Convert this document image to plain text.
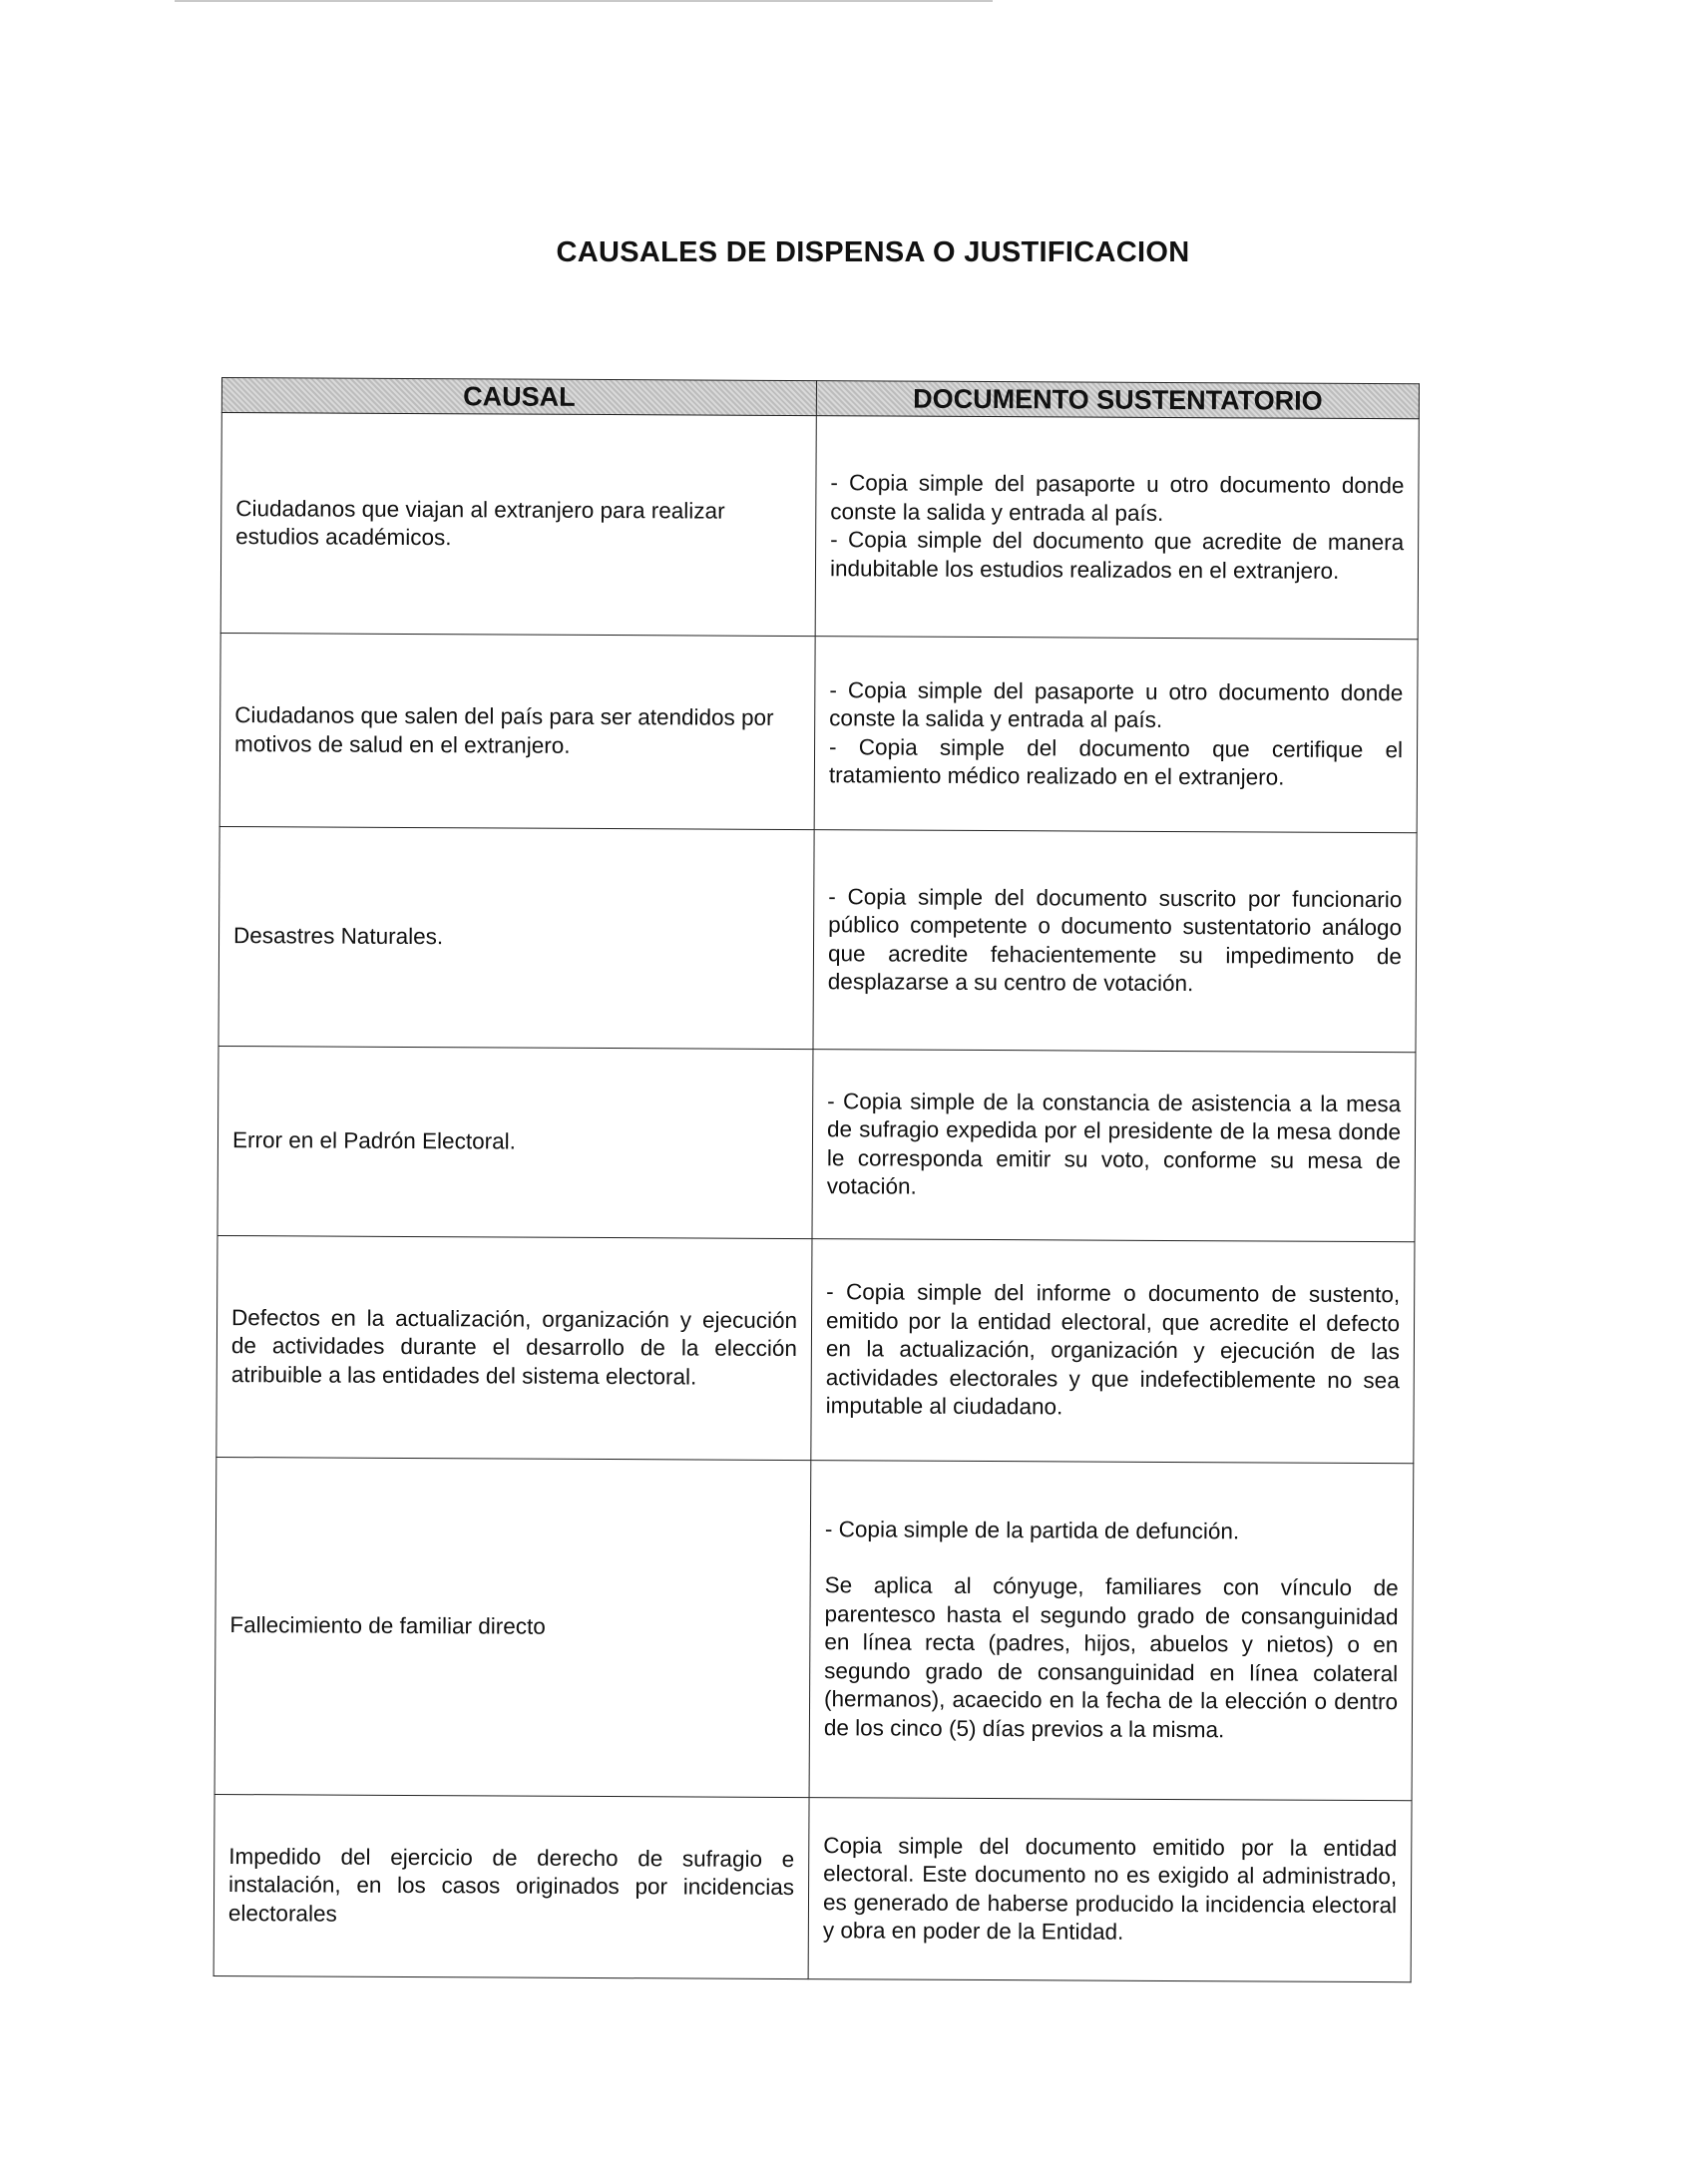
CAUSALES DE DISPENSA O JUSTIFICACION
CAUSAL	DOCUMENTO SUSTENTATORIO
Ciudadanos que viajan al extranjero para realizar estudios académicos.	- Copia simple del pasaporte u otro documento donde conste la salida y entrada al país.
- Copia simple del documento que acredite de manera indubitable los estudios realizados en el extranjero.

Ciudadanos que salen del país para ser atendidos por motivos de salud en el extranjero.	- Copia simple del pasaporte u otro documento donde conste la salida y entrada al país.
- Copia simple del documento que certifique el tratamiento médico realizado en el extranjero.

Desastres Naturales.	- Copia simple del documento suscrito por funcionario público competente o documento sustentatorio análogo que acredite fehacientemente su impedimento de desplazarse a su centro de votación.

Error en el Padrón Electoral.	- Copia simple de la constancia de asistencia a la mesa de sufragio expedida por el presidente de la mesa donde le corresponda emitir su voto, conforme su mesa de votación.

Defectos en la actualización, organización y ejecución de actividades durante el desarrollo de la elección atribuible a las entidades del sistema electoral.	- Copia simple del informe o documento de sustento, emitido por la entidad electoral, que acredite el defecto en la actualización, organización y ejecución de las actividades electorales y que indefectiblemente no sea imputable al ciudadano.

Fallecimiento de familiar directo	- Copia simple de la partida de defunción.
Se aplica al cónyuge, familiares con vínculo de parentesco hasta el segundo grado de consanguinidad en línea recta (padres, hijos, abuelos y nietos) o en segundo grado de consanguinidad en línea colateral (hermanos), acaecido en la fecha de la elección o dentro de los cinco (5) días previos a la misma.

Impedido del ejercicio de derecho de sufragio e instalación, en los casos originados por incidencias electorales	Copia simple del documento emitido por la entidad electoral. Este documento no es exigido al administrado, es generado de haberse producido la incidencia electoral y obra en poder de la Entidad.
